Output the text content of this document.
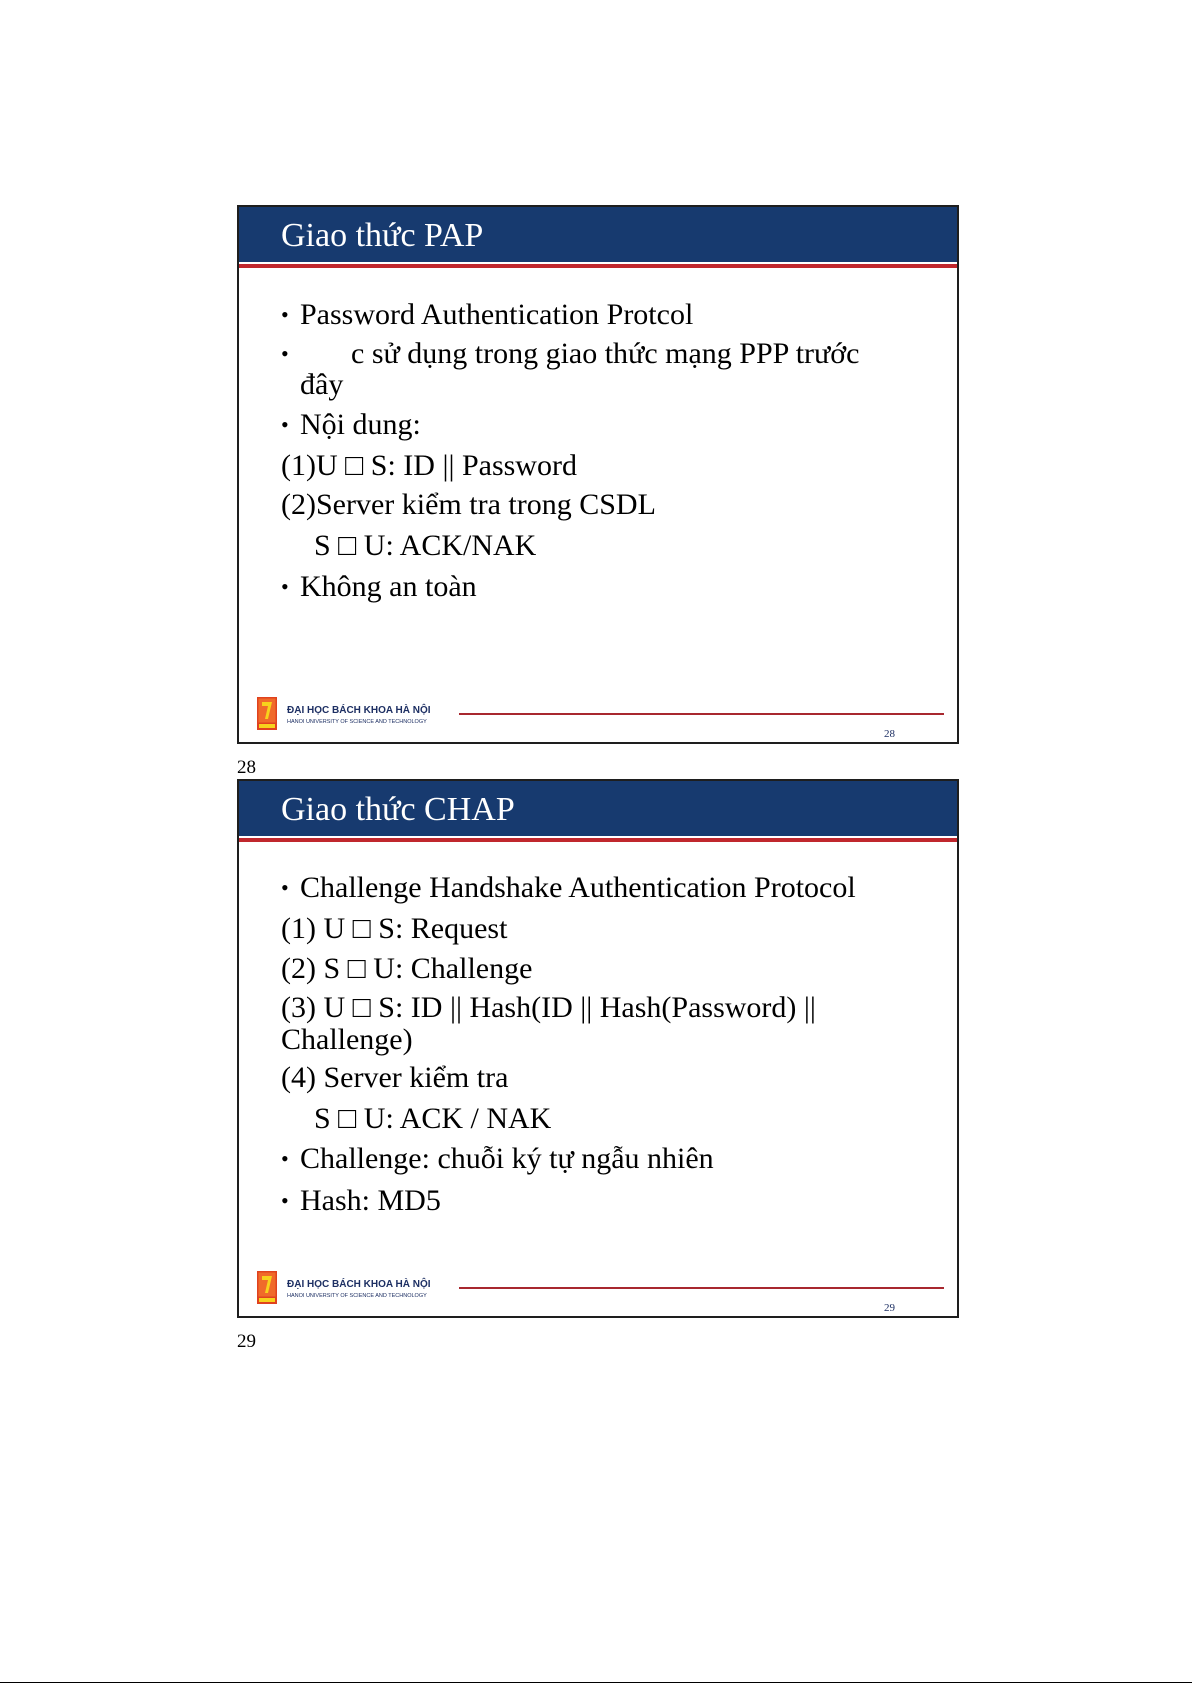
Giao thức PAP
• Password Authentication Protcol
• c sử dụng trong giao thức mạng PPP trước
đây
• Nội dung:
(1)U □ S: ID || Password
(2)Server kiểm tra trong CSDL
S □ U: ACK/NAK
• Không an toàn
ĐẠI HỌC BÁCH KHOA HÀ NỘI
HANOI UNIVERSITY OF SCIENCE AND TECHNOLOGY
28
28
Giao thức CHAP
• Challenge Handshake Authentication Protocol
(1) U □ S: Request
(2) S □ U: Challenge
(3) U □ S: ID || Hash(ID || Hash(Password) ||
Challenge)
(4) Server kiểm tra
S □ U: ACK / NAK
• Challenge: chuỗi ký tự ngẫu nhiên
• Hash: MD5
ĐẠI HỌC BÁCH KHOA HÀ NỘI
HANOI UNIVERSITY OF SCIENCE AND TECHNOLOGY
29
29
